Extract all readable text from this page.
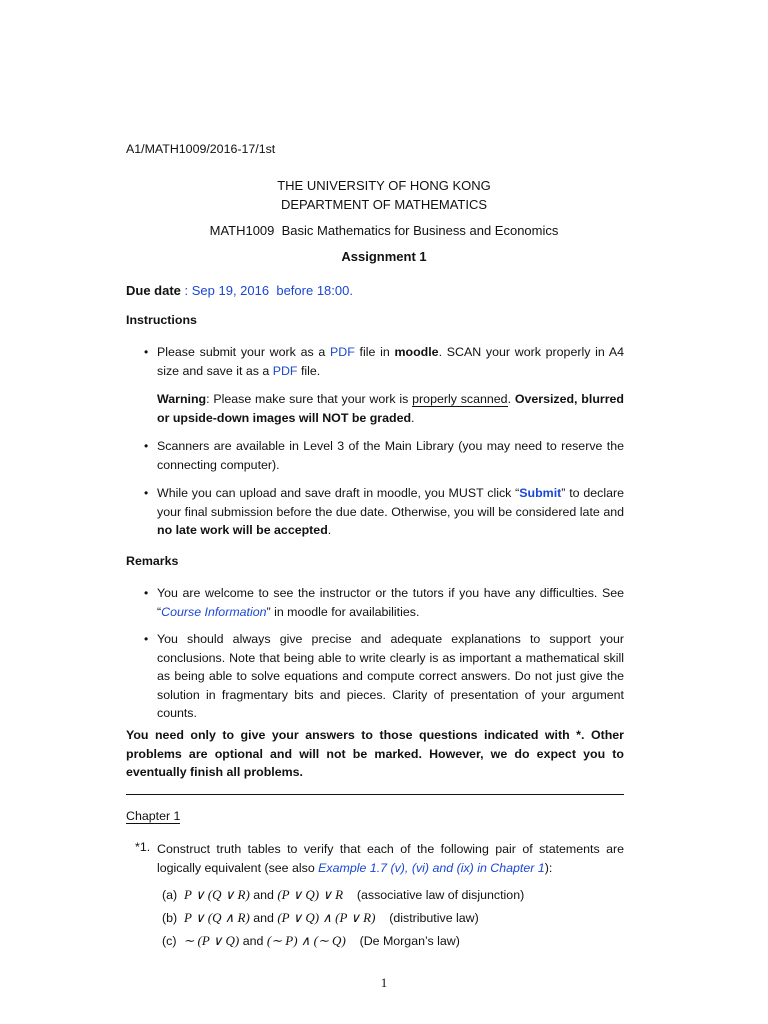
A1/MATH1009/2016-17/1st
THE UNIVERSITY OF HONG KONG
DEPARTMENT OF MATHEMATICS
MATH1009 Basic Mathematics for Business and Economics
Assignment 1
Due date : Sep 19, 2016 before 18:00.
Instructions
• Please submit your work as a PDF file in moodle. SCAN your work properly in A4 size and save it as a PDF file.
Warning: Please make sure that your work is properly scanned. Oversized, blurred or upside-down images will NOT be graded.
• Scanners are available in Level 3 of the Main Library (you may need to reserve the connecting computer).
• While you can upload and save draft in moodle, you MUST click “Submit” to declare your final submission before the due date. Otherwise, you will be considered late and no late work will be accepted.
Remarks
• You are welcome to see the instructor or the tutors if you have any difficulties. See “Course Information” in moodle for availabilities.
• You should always give precise and adequate explanations to support your conclusions. Note that being able to write clearly is as important a mathematical skill as being able to solve equations and compute correct answers. Do not just give the solution in fragmentary bits and pieces. Clarity of presentation of your argument counts.
You need only to give your answers to those questions indicated with *. Other problems are optional and will not be marked. However, we do expect you to eventually finish all problems.
Chapter 1
*1. Construct truth tables to verify that each of the following pair of statements are logically equivalent (see also Example 1.7 (v), (vi) and (ix) in Chapter 1):
(a) P ∨ (Q ∨ R) and (P ∨ Q) ∨ R (associative law of disjunction)
(b) P ∨ (Q ∧ R) and (P ∨ Q) ∧ (P ∨ R) (distributive law)
(c) ∼ (P ∨ Q) and (∼ P) ∧ (∼ Q) (De Morgan’s law)
1
